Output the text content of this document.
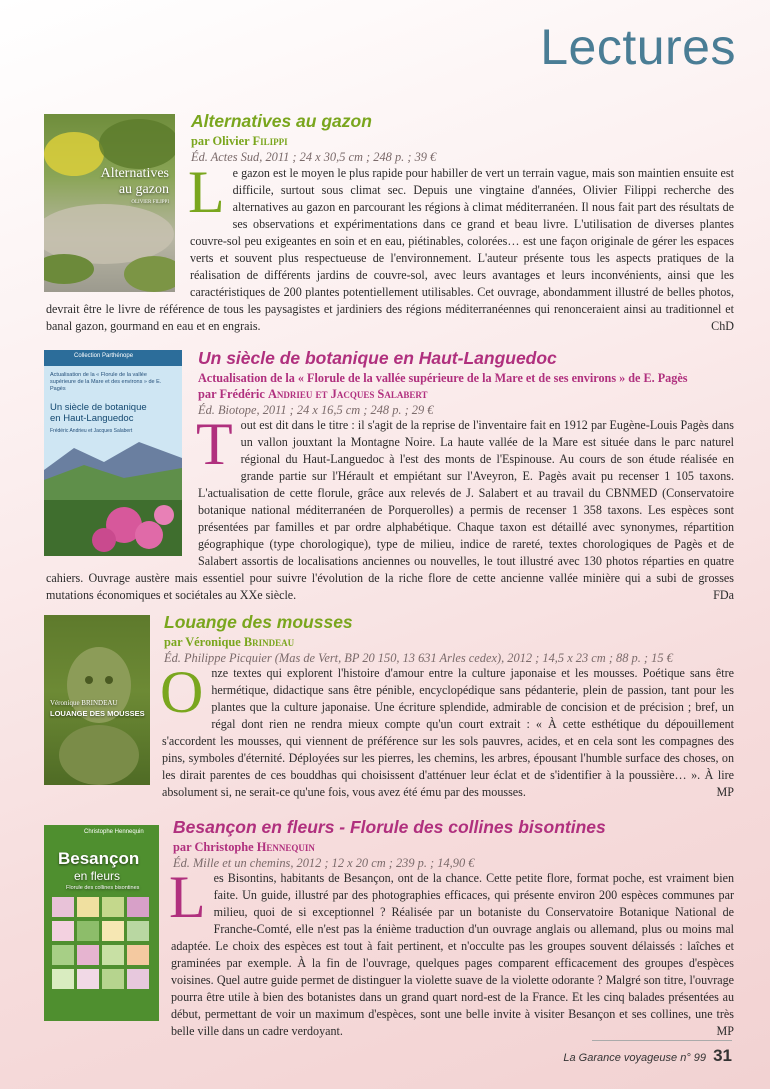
Lectures
Alternatives
au gazon
OLIVIER FILIPPI
Alternatives au gazon
par Olivier Filippi
Éd. Actes Sud, 2011 ; 24 x 30,5 cm ; 248 p. ; 39 €
L e gazon est le moyen le plus rapide pour habiller de vert un terrain vague, mais son maintien ensuite est difficile, surtout sous climat sec. Depuis une vingtaine d'années, Olivier Filippi recherche des alternatives au gazon en parcourant les régions à climat méditerranéen. Il nous fait part des résultats de ses observations et expérimentations dans ce grand et beau livre. L'utilisation de diverses plantes couvre-sol peu exigeantes en soin et en eau, piétinables, colorées… est une façon originale de gérer les espaces verts et souvent plus respectueuse de l'environnement. L'auteur présente tous les aspects pratiques de la réalisation de différents jardins de couvre-sol, avec leurs avantages et leurs inconvénients, ainsi que les caractéristiques de 200 plantes potentiellement utilisables. Cet ouvrage, abondamment illustré de belles photos, devrait être le livre de référence de tous les paysagistes et jardiniers des régions méditerranéennes qui renonceraient ainsi au traditionnel et banal gazon, gourmand en eau et en engrais.	ChD
Collection Parthénope
Actualisation de la « Florule de la vallée supérieure de la Mare et des environs » de E. Pagès
Un siècle de botanique en Haut-Languedoc
Frédéric Andrieu et Jacques Salabert
Un siècle de botanique en Haut-Languedoc
Actualisation de la « Florule de la vallée supérieure de la Mare et de ses environs » de E. Pagès
par Frédéric Andrieu et Jacques Salabert
Éd. Biotope, 2011 ; 24 x 16,5 cm ; 248 p. ; 29 €
T out est dit dans le titre : il s'agit de la reprise de l'inventaire fait en 1912 par Eugène-Louis Pagès dans un vallon jouxtant la Montagne Noire. La haute vallée de la Mare est située dans le parc naturel régional du Haut-Languedoc à l'est des monts de l'Espinouse. Au cours de son étude réalisée en grande partie sur l'Hérault et empiétant sur l'Aveyron, E. Pagès avait pu recenser 1 105 taxons. L'actualisation de cette florule, grâce aux relevés de J. Salabert et au travail du CBNMED (Conservatoire botanique national méditerranéen de Porquerolles) a permis de recenser 1 358 taxons. Les espèces sont présentées par familles et par ordre alphabétique. Chaque taxon est détaillé avec synonymes, répartition géographique (type chorologique), type de milieu, indice de rareté, textes chorologiques de Pagès et de Salabert assortis de localisations anciennes ou nouvelles, le tout illustré avec 130 photos réparties en quatre cahiers. Ouvrage austère mais essentiel pour suivre l'évolution de la riche flore de cette ancienne vallée minière qui a subi de grosses mutations économiques et sociétales au XXe siècle.	FDa
Véronique BRINDEAU
LOUANGE DES MOUSSES
Louange des mousses
par Véronique Brindeau
Éd. Philippe Picquier (Mas de Vert, BP 20 150, 13 631 Arles cedex), 2012 ; 14,5 x 23 cm ; 88 p. ; 15 €
O nze textes qui explorent l'histoire d'amour entre la culture japonaise et les mousses. Poétique sans être hermétique, didactique sans être pénible, encyclopédique sans pédanterie, plein de passion, tant pour les plantes que la culture japonaise. Une écriture splendide, admirable de concision et de précision ; bref, un régal dont rien ne rendra mieux compte qu'un court extrait : « À cette esthétique du dépouillement s'accordent les mousses, qui viennent de préférence sur les sols pauvres, acides, et en cela sont les compagnes des pins, symboles d'éternité. Déployées sur les pierres, les chemins, les arbres, épousant l'humble surface des choses, on les dirait parentes de ces bouddhas qui choisissent d'atténuer leur éclat et de s'identifier à la poussière… ». À lire absolument si, ne serait-ce qu'une fois, vous avez été ému par des mousses.	MP
Christophe Hennequin
Besançon
en fleurs
Florule des collines bisontines
Besançon en fleurs - Florule des collines bisontines
par Christophe Hennequin
Éd. Mille et un chemins, 2012 ; 12 x 20 cm ; 239 p. ; 14,90 €
L es Bisontins, habitants de Besançon, ont de la chance. Cette petite flore, format poche, est vraiment bien faite. Un guide, illustré par des photographies efficaces, qui présente environ 200 espèces communes par milieu, quoi de si exceptionnel ? Réalisée par un botaniste du Conservatoire Botanique National de Franche-Comté, elle n'est pas la énième traduction d'un ouvrage anglais ou allemand, plus ou moins mal adaptée. Le choix des espèces est tout à fait pertinent, et n'occulte pas les groupes souvent délaissés : laîches et graminées par exemple. À la fin de l'ouvrage, quelques pages comparent efficacement des groupes d'espèces voisines. Quel autre guide permet de distinguer la violette suave de la violette odorante ? Malgré son titre, l'ouvrage pourra être utile à bien des botanistes dans un grand quart nord-est de la France. Et les cinq balades présentées au début, permettant de voir un maximum d'espèces, sont une belle invite à visiter Besançon et ses collines, une très belle ville dans un cadre verdoyant.	MP
La Garance voyageuse n° 99 31
